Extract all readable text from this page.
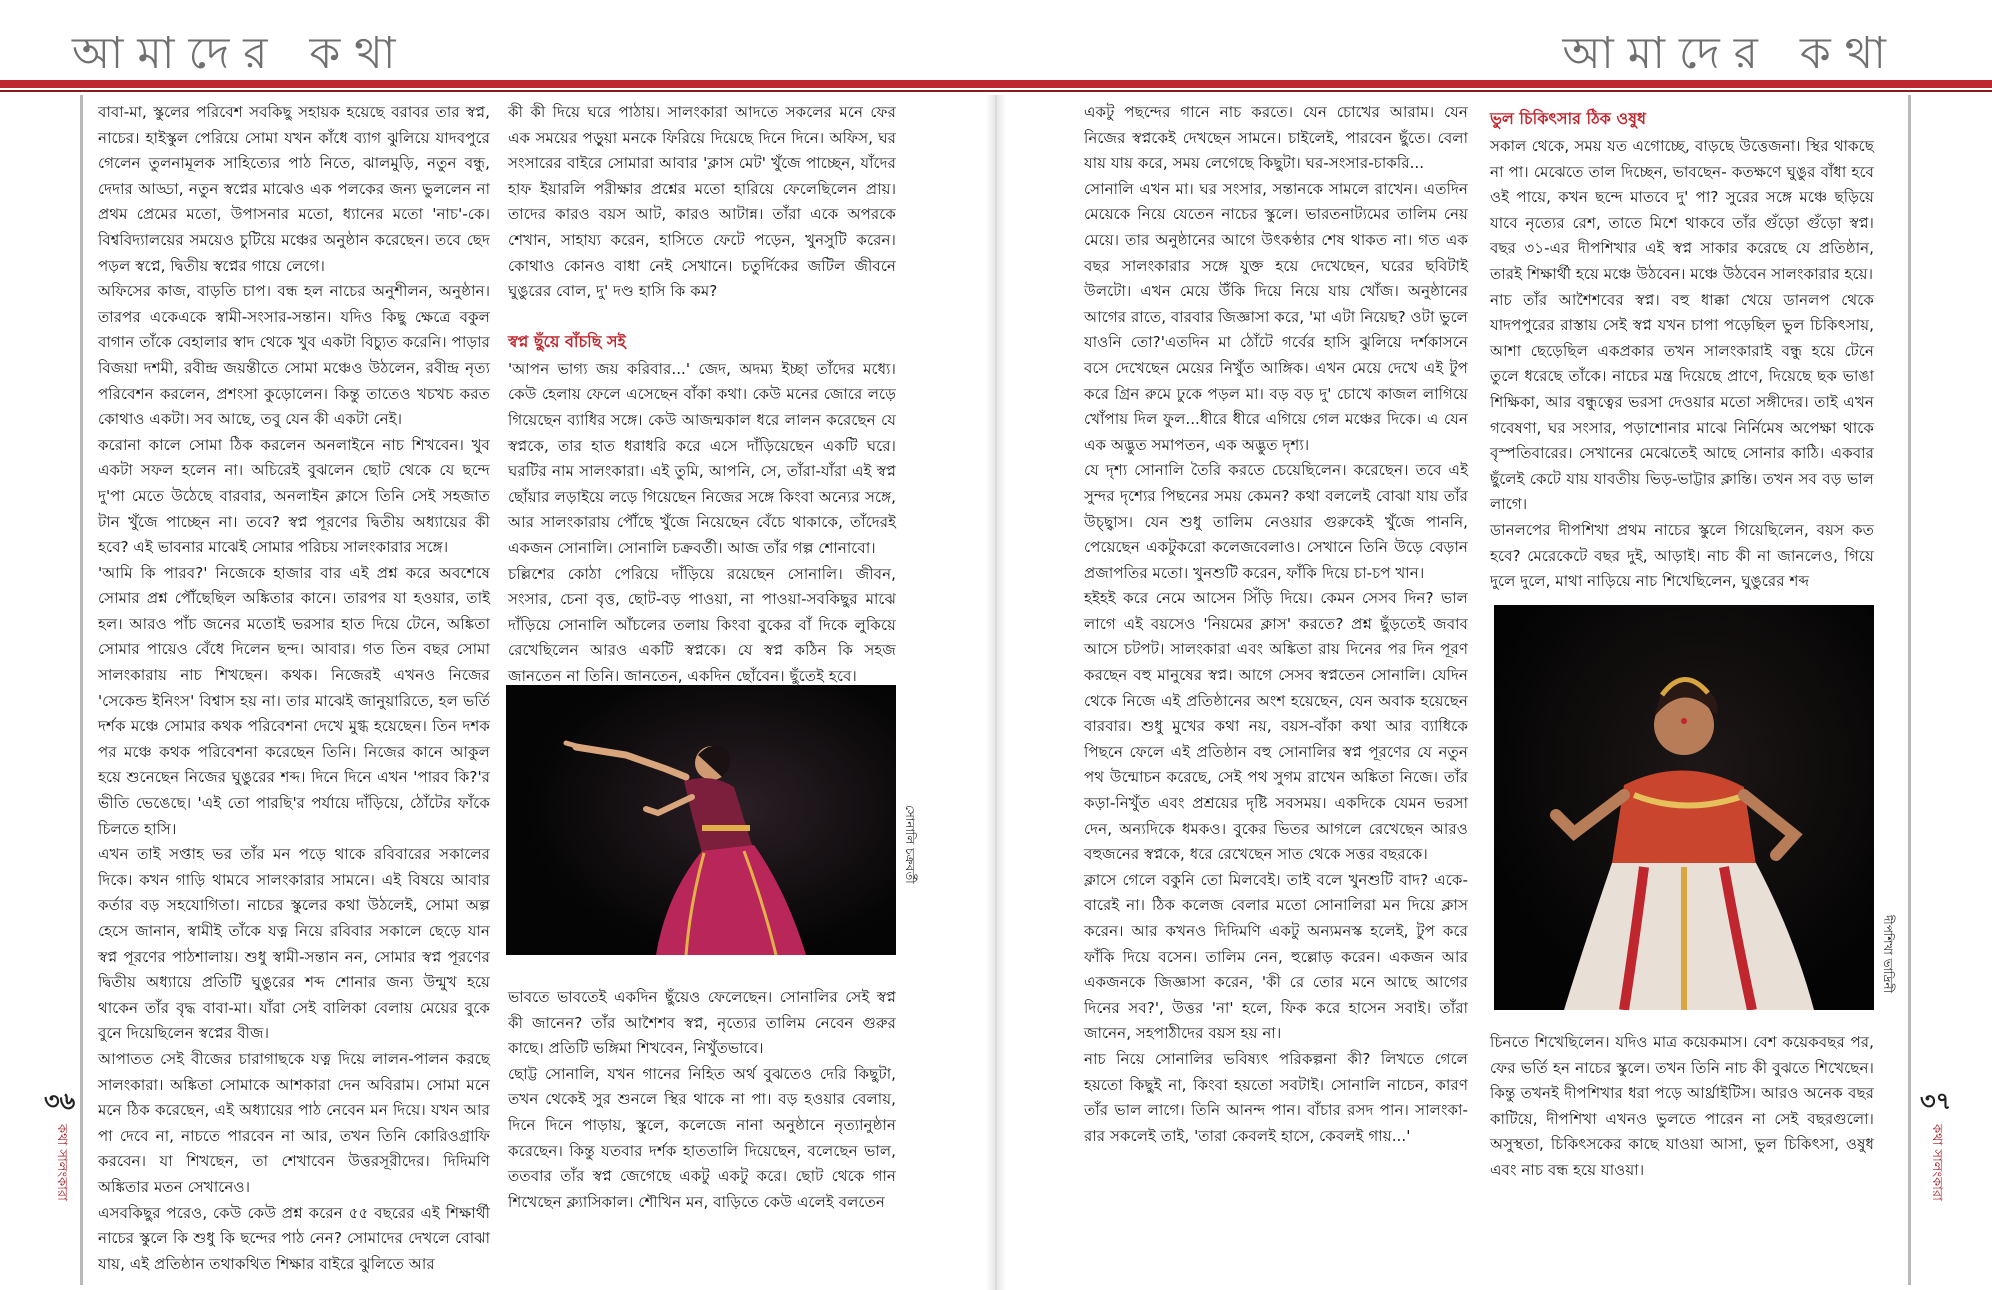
আমাদের কথা	আমাদের কথা
৩৬
কথা সালংকারা
৩৭
কথা সালংকারা

বাবা-মা, স্কুলের পরিবেশ সবকিছু সহায়ক হয়েছে বরাবর তার স্বপ্ন, নাচের। হাইস্কুল পেরিয়ে সোমা যখন কাঁধে ব্যাগ ঝুলিয়ে যাদবপুরে গেলেন তুলনামূলক সাহিত্যের পাঠ নিতে, ঝালমুড়ি, নতুন বন্ধু, দেদার আড্ডা, নতুন স্বপ্নের মাঝেও এক পলকের জন্য ভুললেন না প্রথম প্রেমের মতো, উপাসনার মতো, ধ্যানের মতো 'নাচ'-কে। বিশ্ববিদ্যালয়ের সময়েও চুটিয়ে মঞ্চের অনুষ্ঠান করেছেন। তবে ছেদ পড়ল স্বপ্নে, দ্বিতীয় স্বপ্নের গায়ে লেগে।

অফিসের কাজ, বাড়তি চাপ। বন্ধ হল নাচের অনুশীলন, অনুষ্ঠান। তারপর একেএকে স্বামী-সংসার-সন্তান। যদিও কিছু ক্ষেত্রে বকুল বাগান তাঁকে বেহালার স্বাদ থেকে খুব একটা বিচ্যুত করেনি। পাড়ার বিজয়া দশমী, রবীন্দ্র জয়ন্তীতে সোমা মঞ্চেও উঠলেন, রবীন্দ্র নৃত্য পরিবেশন করলেন, প্রশংসা কুড়োলেন। কিন্তু তাতেও খচখচ করত কোথাও একটা। সব আছে, তবু যেন কী একটা নেই।

করোনা কালে সোমা ঠিক করলেন অনলাইনে নাচ শিখবেন। খুব একটা সফল হলেন না। অচিরেই বুঝলেন ছোট থেকে যে ছন্দে দু'পা মেতে উঠেছে বারবার, অনলাইন ক্লাসে তিনি সেই সহজাত টান খুঁজে পাচ্ছেন না। তবে? স্বপ্ন পূরণের দ্বিতীয় অধ্যায়ের কী হবে? এই ভাবনার মাঝেই সোমার পরিচয় সালংকারার সঙ্গে।

'আমি কি পারব?' নিজেকে হাজার বার এই প্রশ্ন করে অবশেষে সোমার প্রশ্ন পৌঁছেছিল অঙ্কিতার কানে। তারপর যা হওয়ার, তাই হল। আরও পাঁচ জনের মতোই ভরসার হাত দিয়ে টেনে, অঙ্কিতা সোমার পায়েও বেঁধে দিলেন ছন্দ। আবার। গত তিন বছর সোমা সালংকারায় নাচ শিখছেন। কথক। নিজেরই এখনও নিজের 'সেকেন্ড ইনিংস' বিশ্বাস হয় না। তার মাঝেই জানুয়ারিতে, হল ভর্তি দর্শক মঞ্চে সোমার কথক পরিবেশনা দেখে মুগ্ধ হয়েছেন। তিন দশক পর মঞ্চে কথক পরিবেশনা করেছেন তিনি। নিজের কানে আকুল হয়ে শুনেছেন নিজের ঘুঙুরের শব্দ। দিনে দিনে এখন 'পারব কি?'র ভীতি ভেঙেছে। 'এই তো পারছি'র পর্যায়ে দাঁড়িয়ে, ঠোঁটের ফাঁকে চিলতে হাসি।

এখন তাই সপ্তাহ ভর তাঁর মন পড়ে থাকে রবিবারের সকালের দিকে। কখন গাড়ি থামবে সালংকারার সামনে। এই বিষয়ে আবার কর্তার বড় সহযোগিতা। নাচের স্কুলের কথা উঠলেই, সোমা অল্প হেসে জানান, স্বামীই তাঁকে যত্ন নিয়ে রবিবার সকালে ছেড়ে যান স্বপ্ন পূরণের পাঠশালায়। শুধু স্বামী-সন্তান নন, সোমার স্বপ্ন পূরণের দ্বিতীয় অধ্যায়ে প্রতিটি ঘুঙুরের শব্দ শোনার জন্য উন্মুখ হয়ে থাকেন তাঁর বৃদ্ধ বাবা-মা। যাঁরা সেই বালিকা বেলায় মেয়ের বুকে বুনে দিয়েছিলেন স্বপ্নের বীজ।

আপাতত সেই বীজের চারাগাছকে যত্ন দিয়ে লালন-পালন করছে সালংকারা। অঙ্কিতা সোমাকে আশকারা দেন অবিরাম। সোমা মনে মনে ঠিক করেছেন, এই অধ্যায়ের পাঠ নেবেন মন দিয়ে। যখন আর পা দেবে না, নাচতে পারবেন না আর, তখন তিনি কোরিওগ্রাফি করবেন। যা শিখছেন, তা শেখাবেন উত্তরসূরীদের। দিদিমণি অঙ্কিতার মতন সেখানেও।

এসবকিছুর পরেও, কেউ কেউ প্রশ্ন করেন ৫৫ বছরের এই শিক্ষার্থী নাচের স্কুলে কি শুধু কি ছন্দের পাঠ নেন? সোমাদের দেখলে বোঝা যায়, এই প্রতিষ্ঠান তথাকথিত শিক্ষার বাইরে ঝুলিতে আর

কী কী দিয়ে ঘরে পাঠায়। সালংকারা আদতে সকলের মনে ফের এক সময়ের পড়ুয়া মনকে ফিরিয়ে দিয়েছে দিনে দিনে। অফিস, ঘর সংসারের বাইরে সোমারা আবার 'ক্লাস মেট' খুঁজে পাচ্ছেন, যাঁদের হাফ ইয়ারলি পরীক্ষার প্রশ্নের মতো হারিয়ে ফেলেছিলেন প্রায়। তাদের কারও বয়স আট, কারও আটান্ন। তাঁরা একে অপরকে শেখান, সাহায্য করেন, হাসিতে ফেটে পড়েন, খুনসুটি করেন। কোথাও কোনও বাধা নেই সেখানে। চতুর্দিকের জটিল জীবনে ঘুঙুরের বোল, দু' দণ্ড হাসি কি কম?

স্বপ্ন ছুঁয়ে বাঁচছি সই

'আপন ভাগ্য জয় করিবার...' জেদ, অদম্য ইচ্ছা তাঁদের মধ্যে। কেউ হেলায় ফেলে এসেছেন বাঁকা কথা। কেউ মনের জোরে লড়ে গিয়েছেন ব্যাধির সঙ্গে। কেউ আজন্মকাল ধরে লালন করেছেন যে স্বপ্নকে, তার হাত ধরাধরি করে এসে দাঁড়িয়েছেন একটি ঘরে। ঘরটির নাম সালংকারা। এই তুমি, আপনি, সে, তাঁরা-যাঁরা এই স্বপ্ন ছোঁয়ার লড়াইয়ে লড়ে গিয়েছেন নিজের সঙ্গে কিংবা অন্যের সঙ্গে, আর সালংকারায় পৌঁছে খুঁজে নিয়েছেন বেঁচে থাকাকে, তাঁদেরই একজন সোনালি। সোনালি চক্রবর্তী। আজ তাঁর গল্প শোনাবো।

চল্লিশের কোঠা পেরিয়ে দাঁড়িয়ে রয়েছেন সোনালি। জীবন, সংসার, চেনা বৃত্ত, ছোট-বড় পাওয়া, না পাওয়া-সবকিছুর মাঝে দাঁড়িয়ে সোনালি আঁচলের তলায় কিংবা বুকের বাঁ দিকে লুকিয়ে রেখেছিলেন আরও একটি স্বপ্নকে। যে স্বপ্ন কঠিন কি সহজ জানতেন না তিনি। জানতেন, একদিন ছোঁবেন। ছুঁতেই হবে।

সোনালি চক্রবর্তী

ভাবতে ভাবতেই একদিন ছুঁয়েও ফেলেছেন। সোনালির সেই স্বপ্ন কী জানেন? তাঁর আশৈশব স্বপ্ন, নৃত্যের তালিম নেবেন গুরুর কাছে। প্রতিটি ভঙ্গিমা শিখবেন, নিখুঁতভাবে।

ছোট্ট সোনালি, যখন গানের নিহিত অর্থ বুঝতেও দেরি কিছুটা, তখন থেকেই সুর শুনলে স্থির থাকে না পা। বড় হওয়ার বেলায়, দিনে দিনে পাড়ায়, স্কুলে, কলেজে নানা অনুষ্ঠানে নৃত্যানুষ্ঠান করেছেন। কিন্তু যতবার দর্শক হাততালি দিয়েছেন, বলেছেন ভাল, ততবার তাঁর স্বপ্ন জেগেছে একটু একটু করে। ছোট থেকে গান শিখেছেন ক্ল্যাসিকাল। শৌখিন মন, বাড়িতে কেউ এলেই বলতেন

একটু পছন্দের গানে নাচ করতে। যেন চোখের আরাম। যেন নিজের স্বপ্নকেই দেখছেন সামনে। চাইলেই, পারবেন ছুঁতে। বেলা যায় যায় করে, সময় লেগেছে কিছুটা। ঘর-সংসার-চাকরি...

সোনালি এখন মা। ঘর সংসার, সন্তানকে সামলে রাখেন। এতদিন মেয়েকে নিয়ে যেতেন নাচের স্কুলে। ভারতনাট্যমের তালিম নেয় মেয়ে। তার অনুষ্ঠানের আগে উৎকণ্ঠার শেষ থাকত না। গত এক বছর সালংকারার সঙ্গে যুক্ত হয়ে দেখেছেন, ঘরের ছবিটাই উলটো। এখন মেয়ে উঁকি দিয়ে নিয়ে যায় খোঁজ। অনুষ্ঠানের আগের রাতে, বারবার জিজ্ঞাসা করে, 'মা এটা নিয়েছ? ওটা ভুলে যাওনি তো?'এতদিন মা ঠোঁটে গর্বের হাসি ঝুলিয়ে দর্শকাসনে বসে দেখেছেন মেয়ের নিখুঁত আঙ্গিক। এখন মেয়ে দেখে এই টুপ করে গ্রিন রুমে ঢুকে পড়ল মা। বড় বড় দু' চোখে কাজল লাগিয়ে খোঁপায় দিল ফুল...ধীরে ধীরে এগিয়ে গেল মঞ্চের দিকে। এ যেন এক অদ্ভুত সমাপতন, এক অদ্ভুত দৃশ্য।

যে দৃশ্য সোনালি তৈরি করতে চেয়েছিলেন। করেছেন। তবে এই সুন্দর দৃশ্যের পিছনের সময় কেমন? কথা বললেই বোঝা যায় তাঁর উচ্ছ্বাস। যেন শুধু তালিম নেওয়ার গুরুকেই খুঁজে পাননি, পেয়েছেন একটুকরো কলেজবেলাও। সেখানে তিনি উড়ে বেড়ান প্রজাপতির মতো। খুনশুটি করেন, ফাঁকি দিয়ে চা-চপ খান।

হইহই করে নেমে আসেন সিঁড়ি দিয়ে। কেমন সেসব দিন? ভাল লাগে এই বয়সেও 'নিয়মের ক্লাস' করতে? প্রশ্ন ছুঁড়তেই জবাব আসে চটপট। সালংকারা এবং অঙ্কিতা রায় দিনের পর দিন পূরণ করছেন বহু মানুষের স্বপ্ন। আগে সেসব স্বপ্নতেন সোনালি। যেদিন থেকে নিজে এই প্রতিষ্ঠানের অংশ হয়েছেন, যেন অবাক হয়েছেন বারবার। শুধু মুখের কথা নয়, বয়স-বাঁকা কথা আর ব্যাধিকে পিছনে ফেলে এই প্রতিষ্ঠান বহু সোনালির স্বপ্ন পূরণের যে নতুন পথ উন্মোচন করেছে, সেই পথ সুগম রাখেন অঙ্কিতা নিজে। তাঁর কড়া-নিখুঁত এবং প্রশ্রয়ের দৃষ্টি সবসময়। একদিকে যেমন ভরসা দেন, অন্যদিকে ধমকও। বুকের ভিতর আগলে রেখেছেন আরও বহুজনের স্বপ্নকে, ধরে রেখেছেন সাত থেকে সত্তর বছরকে।

ক্লাসে গেলে বকুনি তো মিলবেই। তাই বলে খুনশুটি বাদ? একে-বারেই না। ঠিক কলেজ বেলার মতো সোনালিরা মন দিয়ে ক্লাস করেন। আর কখনও দিদিমণি একটু অন্যমনস্ক হলেই, টুপ করে ফাঁকি দিয়ে বসেন। তালিম নেন, হুল্লোড় করেন। একজন আর একজনকে জিজ্ঞাসা করেন, 'কী রে তোর মনে আছে আগের দিনের সব?', উত্তর 'না' হলে, ফিক করে হাসেন সবাই। তাঁরা জানেন, সহপাঠীদের বয়স হয় না।

নাচ নিয়ে সোনালির ভবিষ্যৎ পরিকল্পনা কী? লিখতে গেলে হয়তো কিছুই না, কিংবা হয়তো সবটাই। সোনালি নাচেন, কারণ তাঁর ভাল লাগে। তিনি আনন্দ পান। বাঁচার রসদ পান। সালংকা-রার সকলেই তাই, 'তারা কেবলই হাসে, কেবলই গায়...'

ভুল চিকিৎসার ঠিক ওষুধ

সকাল থেকে, সময় যত এগোচ্ছে, বাড়ছে উত্তেজনা। স্থির থাকছে না পা। মেঝেতে তাল দিচ্ছেন, ভাবছেন- কতক্ষণে ঘুঙুর বাঁধা হবে ওই পায়ে, কখন ছন্দে মাতবে দু' পা? সুরের সঙ্গে মঞ্চে ছড়িয়ে যাবে নৃত্যের রেশ, তাতে মিশে থাকবে তাঁর গুঁড়ো গুঁড়ো স্বপ্ন। বছর ৩১-এর দীপশিখার এই স্বপ্ন সাকার করেছে যে প্রতিষ্ঠান, তারই শিক্ষার্থী হয়ে মঞ্চে উঠবেন। মঞ্চে উঠবেন সালংকারার হয়ে।

নাচ তাঁর আশৈশবের স্বপ্ন। বহু ধাক্কা খেয়ে ডানলপ থেকে যাদপপুরের রাস্তায় সেই স্বপ্ন যখন চাপা পড়েছিল ভুল চিকিৎসায়, আশা ছেড়েছিল একপ্রকার তখন সালংকারাই বন্ধু হয়ে টেনে তুলে ধরেছে তাঁকে। নাচের মন্ত্র দিয়েছে প্রাণে, দিয়েছে ছক ভাঙা শিক্ষিকা, আর বন্ধুত্বের ভরসা দেওয়ার মতো সঙ্গীদের। তাই এখন গবেষণা, ঘর সংসার, পড়াশোনার মাঝে নির্নিমেষ অপেক্ষা থাকে বৃস্পতিবারের। সেখানের মেঝেতেই আছে সোনার কাঠি। একবার ছুঁলেই কেটে যায় যাবতীয় ভিড়-ভাট্টার ক্লান্তি। তখন সব বড় ভাল লাগে।

ডানলপের দীপশিখা প্রথম নাচের স্কুলে গিয়েছিলেন, বয়স কত হবে? মেরেকেটে বছর দুই, আড়াই। নাচ কী না জানলেও, গিয়ে দুলে দুলে, মাথা নাড়িয়ে নাচ শিখেছিলেন, ঘুঙুরের শব্দ

দীপশিখা ভাদ্রিনী

চিনতে শিখেছিলেন। যদিও মাত্র কয়েকমাস। বেশ কয়েকবছর পর, ফের ভর্তি হন নাচের স্কুলে। তখন তিনি নাচ কী বুঝতে শিখেছেন। কিন্তু তখনই দীপশিখার ধরা পড়ে আর্থ্রাইটিস। আরও অনেক বছর কাটিয়ে, দীপশিখা এখনও ভুলতে পারেন না সেই বছরগুলো। অসুস্থতা, চিকিৎসকের কাছে যাওয়া আসা, ভুল চিকিৎসা, ওষুধ এবং নাচ বন্ধ হয়ে যাওয়া।
